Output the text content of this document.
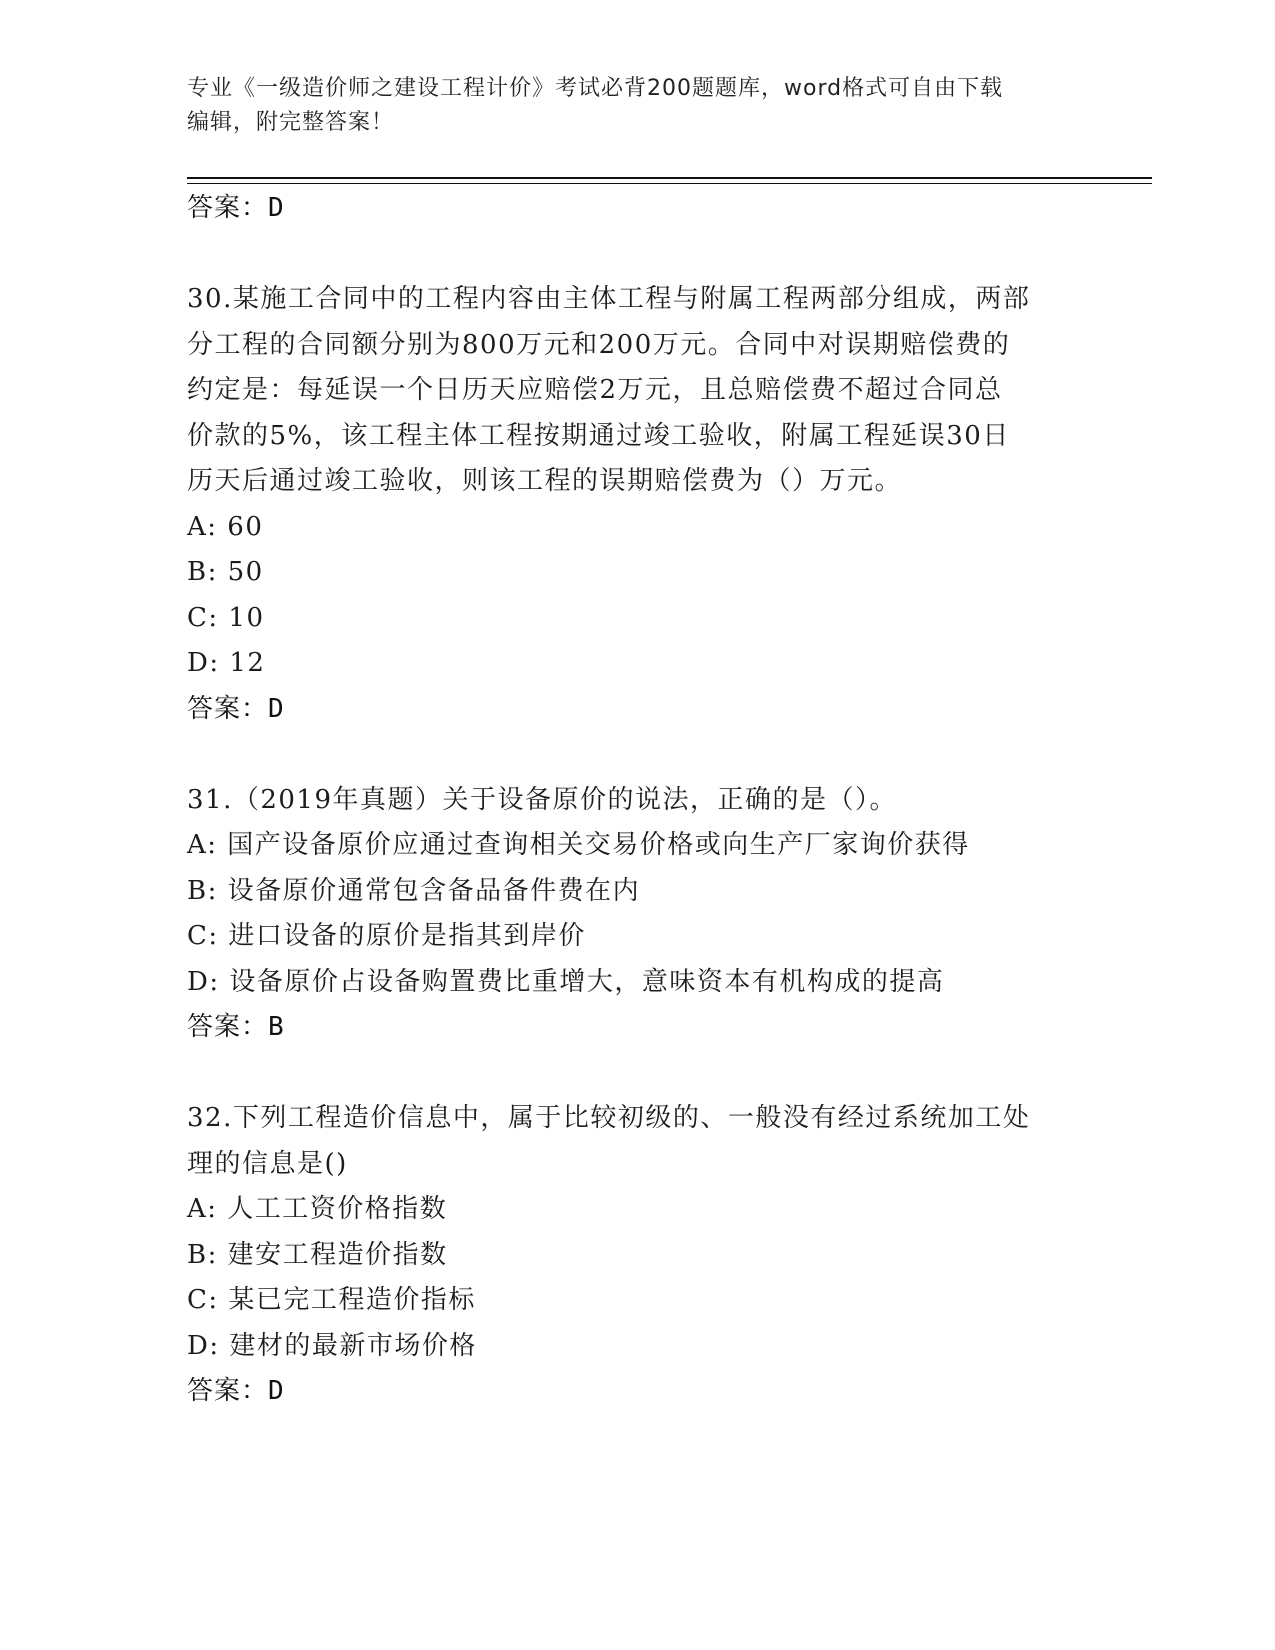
专业《一级造价师之建设工程计价》考试必背200题题库，word格式可自由下载
编辑，附完整答案！
答案：D
30.某施工合同中的工程内容由主体工程与附属工程两部分组成，两部
分工程的合同额分别为800万元和200万元。合同中对误期赔偿费的
约定是：每延误一个日历天应赔偿2万元，且总赔偿费不超过合同总
价款的5%，该工程主体工程按期通过竣工验收，附属工程延误30日
历天后通过竣工验收，则该工程的误期赔偿费为（）万元。
A: 60
B: 50
C: 10
D: 12
答案：D
31.（2019年真题）关于设备原价的说法，正确的是（）。
A: 国产设备原价应通过查询相关交易价格或向生产厂家询价获得
B: 设备原价通常包含备品备件费在内
C: 进口设备的原价是指其到岸价
D: 设备原价占设备购置费比重增大，意味资本有机构成的提高
答案：B
32.下列工程造价信息中，属于比较初级的、一般没有经过系统加工处
理的信息是()
A: 人工工资价格指数
B: 建安工程造价指数
C: 某已完工程造价指标
D: 建材的最新市场价格
答案：D
